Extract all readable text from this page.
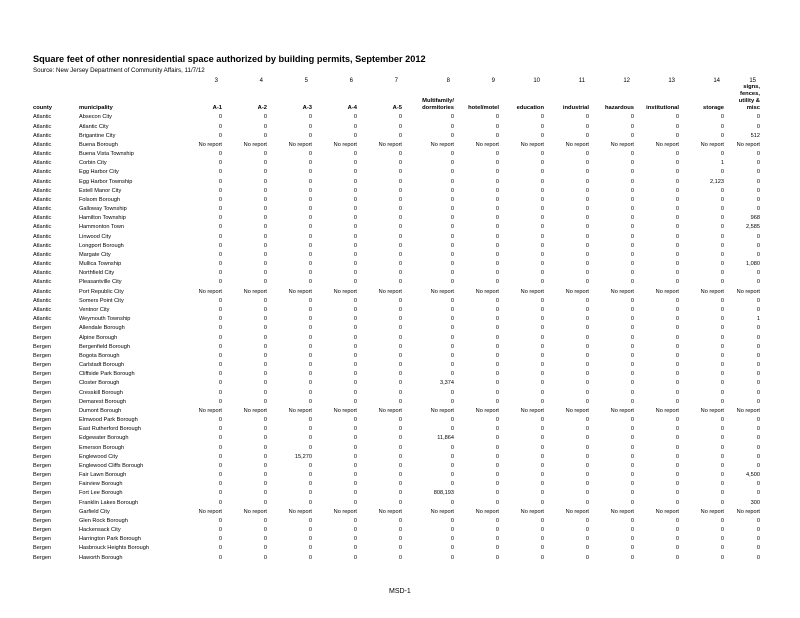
Square feet of other nonresidential space authorized by building permits, September 2012
Source: New Jersey Department of Community Affairs, 11/7/12
		3	4	5	6	7	8	9	10	11	12	13	14	15
county	municipality	A-1	A-2	A-3	A-4	A-5	Multifamily/ dormitories	hotel/motel	education	industrial	hazardous	institutional	storage	signs, fences, utility & misc
Atlantic	Absecon City	0	0	0	0	0	0	0	0	0	0	0	0	0
Atlantic	Atlantic City	0	0	0	0	0	0	0	0	0	0	0	0	0
Atlantic	Brigantine City	0	0	0	0	0	0	0	0	0	0	0	0	512
Atlantic	Buena Borough	No report	No report	No report	No report	No report	No report	No report	No report	No report	No report	No report	No report	No report
Atlantic	Buena Vista Township	0	0	0	0	0	0	0	0	0	0	0	0	0
Atlantic	Corbin City	0	0	0	0	0	0	0	0	0	0	0	1	0
Atlantic	Egg Harbor City	0	0	0	0	0	0	0	0	0	0	0	0	0
Atlantic	Egg Harbor Township	0	0	0	0	0	0	0	0	0	0	0	2,123	0
Atlantic	Estell Manor City	0	0	0	0	0	0	0	0	0	0	0	0	0
Atlantic	Folsom Borough	0	0	0	0	0	0	0	0	0	0	0	0	0
Atlantic	Galloway Township	0	0	0	0	0	0	0	0	0	0	0	0	0
Atlantic	Hamilton Township	0	0	0	0	0	0	0	0	0	0	0	0	968
Atlantic	Hammonton Town	0	0	0	0	0	0	0	0	0	0	0	0	2,585
Atlantic	Linwood City	0	0	0	0	0	0	0	0	0	0	0	0	0
Atlantic	Longport Borough	0	0	0	0	0	0	0	0	0	0	0	0	0
Atlantic	Margate City	0	0	0	0	0	0	0	0	0	0	0	0	0
Atlantic	Mullica Township	0	0	0	0	0	0	0	0	0	0	0	0	1,080
Atlantic	Northfield City	0	0	0	0	0	0	0	0	0	0	0	0	0
Atlantic	Pleasantville City	0	0	0	0	0	0	0	0	0	0	0	0	0
Atlantic	Port Republic City	No report	No report	No report	No report	No report	No report	No report	No report	No report	No report	No report	No report	No report
Atlantic	Somers Point City	0	0	0	0	0	0	0	0	0	0	0	0	0
Atlantic	Ventnor City	0	0	0	0	0	0	0	0	0	0	0	0	0
Atlantic	Weymouth Township	0	0	0	0	0	0	0	0	0	0	0	0	1
Bergen	Allendale Borough	0	0	0	0	0	0	0	0	0	0	0	0	0
Bergen	Alpine Borough	0	0	0	0	0	0	0	0	0	0	0	0	0
Bergen	Bergenfield Borough	0	0	0	0	0	0	0	0	0	0	0	0	0
Bergen	Bogota Borough	0	0	0	0	0	0	0	0	0	0	0	0	0
Bergen	Carlstadt Borough	0	0	0	0	0	0	0	0	0	0	0	0	0
Bergen	Cliffside Park Borough	0	0	0	0	0	0	0	0	0	0	0	0	0
Bergen	Closter Borough	0	0	0	0	0	3,374	0	0	0	0	0	0	0
Bergen	Cresskill Borough	0	0	0	0	0	0	0	0	0	0	0	0	0
Bergen	Demarest Borough	0	0	0	0	0	0	0	0	0	0	0	0	0
Bergen	Dumont Borough	No report	No report	No report	No report	No report	No report	No report	No report	No report	No report	No report	No report	No report
Bergen	Elmwood Park Borough	0	0	0	0	0	0	0	0	0	0	0	0	0
Bergen	East Rutherford Borough	0	0	0	0	0	0	0	0	0	0	0	0	0
Bergen	Edgewater Borough	0	0	0	0	0	11,864	0	0	0	0	0	0	0
Bergen	Emerson Borough	0	0	0	0	0	0	0	0	0	0	0	0	0
Bergen	Englewood City	0	0	15,270	0	0	0	0	0	0	0	0	0	0
Bergen	Englewood Cliffs Borough	0	0	0	0	0	0	0	0	0	0	0	0	0
Bergen	Fair Lawn Borough	0	0	0	0	0	0	0	0	0	0	0	0	4,500
Bergen	Fairview Borough	0	0	0	0	0	0	0	0	0	0	0	0	0
Bergen	Fort Lee Borough	0	0	0	0	0	808,193	0	0	0	0	0	0	0
Bergen	Franklin Lakes Borough	0	0	0	0	0	0	0	0	0	0	0	0	300
Bergen	Garfield City	No report	No report	No report	No report	No report	No report	No report	No report	No report	No report	No report	No report	No report
Bergen	Glen Rock Borough	0	0	0	0	0	0	0	0	0	0	0	0	0
Bergen	Hackensack City	0	0	0	0	0	0	0	0	0	0	0	0	0
Bergen	Harrington Park Borough	0	0	0	0	0	0	0	0	0	0	0	0	0
Bergen	Hasbrouck Heights Borough	0	0	0	0	0	0	0	0	0	0	0	0	0
Bergen	Haworth Borough	0	0	0	0	0	0	0	0	0	0	0	0	0
MSD-1
